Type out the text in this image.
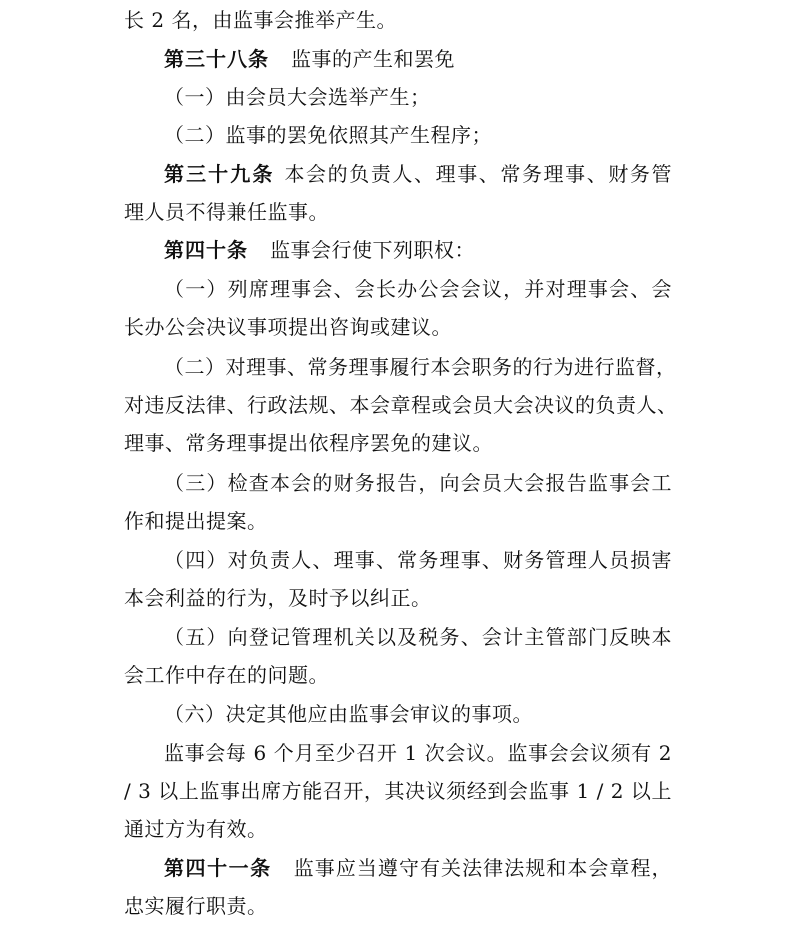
长 2 名，由监事会推举产生。
第三十八条 监事的产生和罢免
（一）由会员大会选举产生；
（二）监事的罢免依照其产生程序；
第三十九条 本会的负责人、理事、常务理事、财务管
理人员不得兼任监事。
第四十条 监事会行使下列职权：
（一）列席理事会、会长办公会会议，并对理事会、会
长办公会决议事项提出咨询或建议。
（二）对理事、常务理事履行本会职务的行为进行监督，
对违反法律、行政法规、本会章程或会员大会决议的负责人、
理事、常务理事提出依程序罢免的建议。
（三）检查本会的财务报告，向会员大会报告监事会工
作和提出提案。
（四）对负责人、理事、常务理事、财务管理人员损害
本会利益的行为，及时予以纠正。
（五）向登记管理机关以及税务、会计主管部门反映本
会工作中存在的问题。
（六）决定其他应由监事会审议的事项。
监事会每 6 个月至少召开 1 次会议。监事会会议须有 2
/ 3 以上监事出席方能召开，其决议须经到会监事 1 / 2 以上
通过方为有效。
第四十一条 监事应当遵守有关法律法规和本会章程，
忠实履行职责。
